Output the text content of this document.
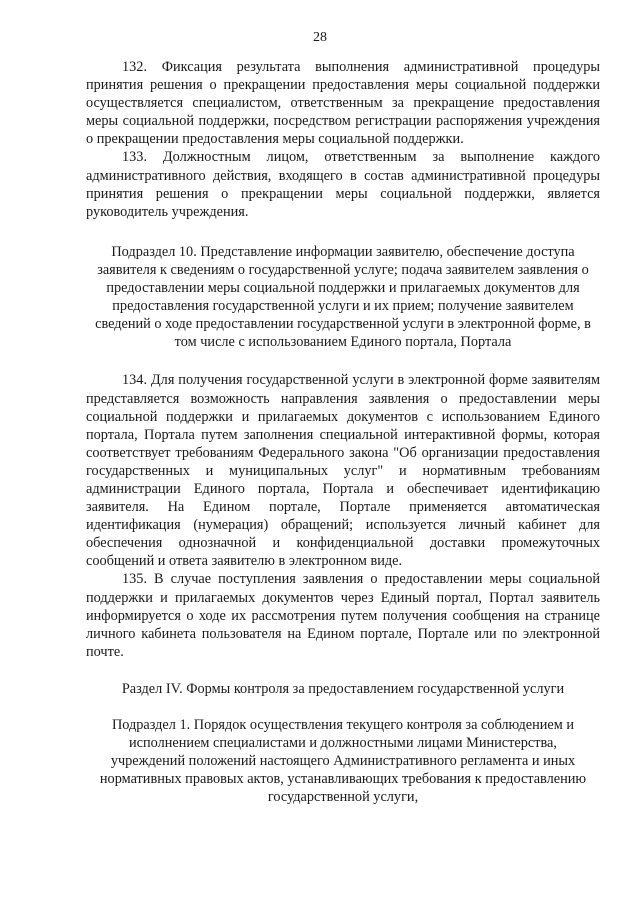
28

132. Фиксация результата выполнения административной процедуры принятия решения о прекращении предоставления меры социальной поддержки осуществляется специалистом, ответственным за прекращение предоставления меры социальной поддержки, посредством регистрации распоряжения учреждения о прекращении предоставления меры социальной поддержки.

133. Должностным лицом, ответственным за выполнение каждого административного действия, входящего в состав административной процедуры принятия решения о прекращении меры социальной поддержки, является руководитель учреждения.

Подраздел 10. Представление информации заявителю, обеспечение доступа заявителя к сведениям о государственной услуге; подача заявителем заявления о предоставлении меры социальной поддержки и прилагаемых документов для предоставления государственной услуги и их прием; получение заявителем сведений о ходе предоставлении государственной услуги в электронной форме, в том числе с использованием Единого портала, Портала

134. Для получения государственной услуги в электронной форме заявителям представляется возможность направления заявления о предоставлении меры социальной поддержки и прилагаемых документов с использованием Единого портала, Портала путем заполнения специальной интерактивной формы, которая соответствует требованиям Федерального закона "Об организации предоставления государственных и муниципальных услуг" и нормативным требованиям администрации Единого портала, Портала и обеспечивает идентификацию заявителя. На Едином портале, Портале применяется автоматическая идентификация (нумерация) обращений; используется личный кабинет для обеспечения однозначной и конфиденциальной доставки промежуточных сообщений и ответа заявителю в электронном виде.

135. В случае поступления заявления о предоставлении меры социальной поддержки и прилагаемых документов через Единый портал, Портал заявитель информируется о ходе их рассмотрения путем получения сообщения на странице личного кабинета пользователя на Едином портале, Портале или по электронной почте.

Раздел IV. Формы контроля за предоставлением государственной услуги

Подраздел 1. Порядок осуществления текущего контроля за соблюдением и исполнением специалистами и должностными лицами Министерства, учреждений положений настоящего Административного регламента и иных нормативных правовых актов, устанавливающих требования к предоставлению государственной услуги,
